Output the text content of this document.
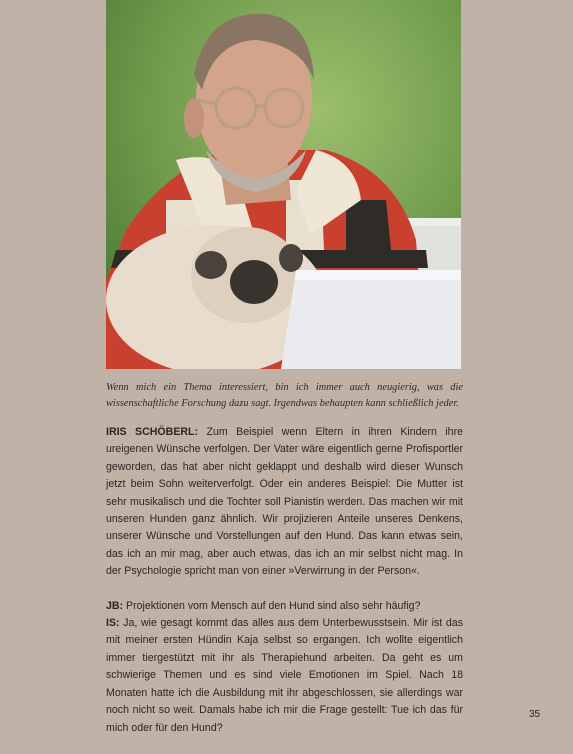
Wenn mich ein Thema interessiert, bin ich immer auch neugierig, was die wissenschaftliche Forschung dazu sagt. Irgendwas behaupten kann schließlich jeder.

IRIS SCHÖBERL: Zum Beispiel wenn Eltern in ihren Kindern ihre ureigenen Wünsche verfolgen. Der Vater wäre eigentlich gerne Profisportler geworden, das hat aber nicht geklappt und deshalb wird dieser Wunsch jetzt beim Sohn weiterverfolgt. Oder ein anderes Beispiel: Die Mutter ist sehr musikalisch und die Tochter soll Pianistin werden. Das machen wir mit unseren Hunden ganz ähnlich. Wir projizieren Anteile unseres Denkens, unserer Wünsche und Vorstellungen auf den Hund. Das kann etwas sein, das ich an mir mag, aber auch etwas, das ich an mir selbst nicht mag. In der Psychologie spricht man von einer »Verwirrung in der Person«.

JB: Projektionen vom Mensch auf den Hund sind also sehr häufig?

IS: Ja, wie gesagt kommt das alles aus dem Unterbewusstsein. Mir ist das mit meiner ersten Hündin Kaja selbst so ergangen. Ich wollte eigentlich immer tiergestützt mit ihr als Therapiehund arbeiten. Da geht es um schwierige Themen und es sind viele Emotionen im Spiel. Nach 18 Monaten hatte ich die Ausbildung mit ihr abgeschlossen, sie allerdings war noch nicht so weit. Damals habe ich mir die Frage gestellt: Tue ich das für mich oder für den Hund?

35
